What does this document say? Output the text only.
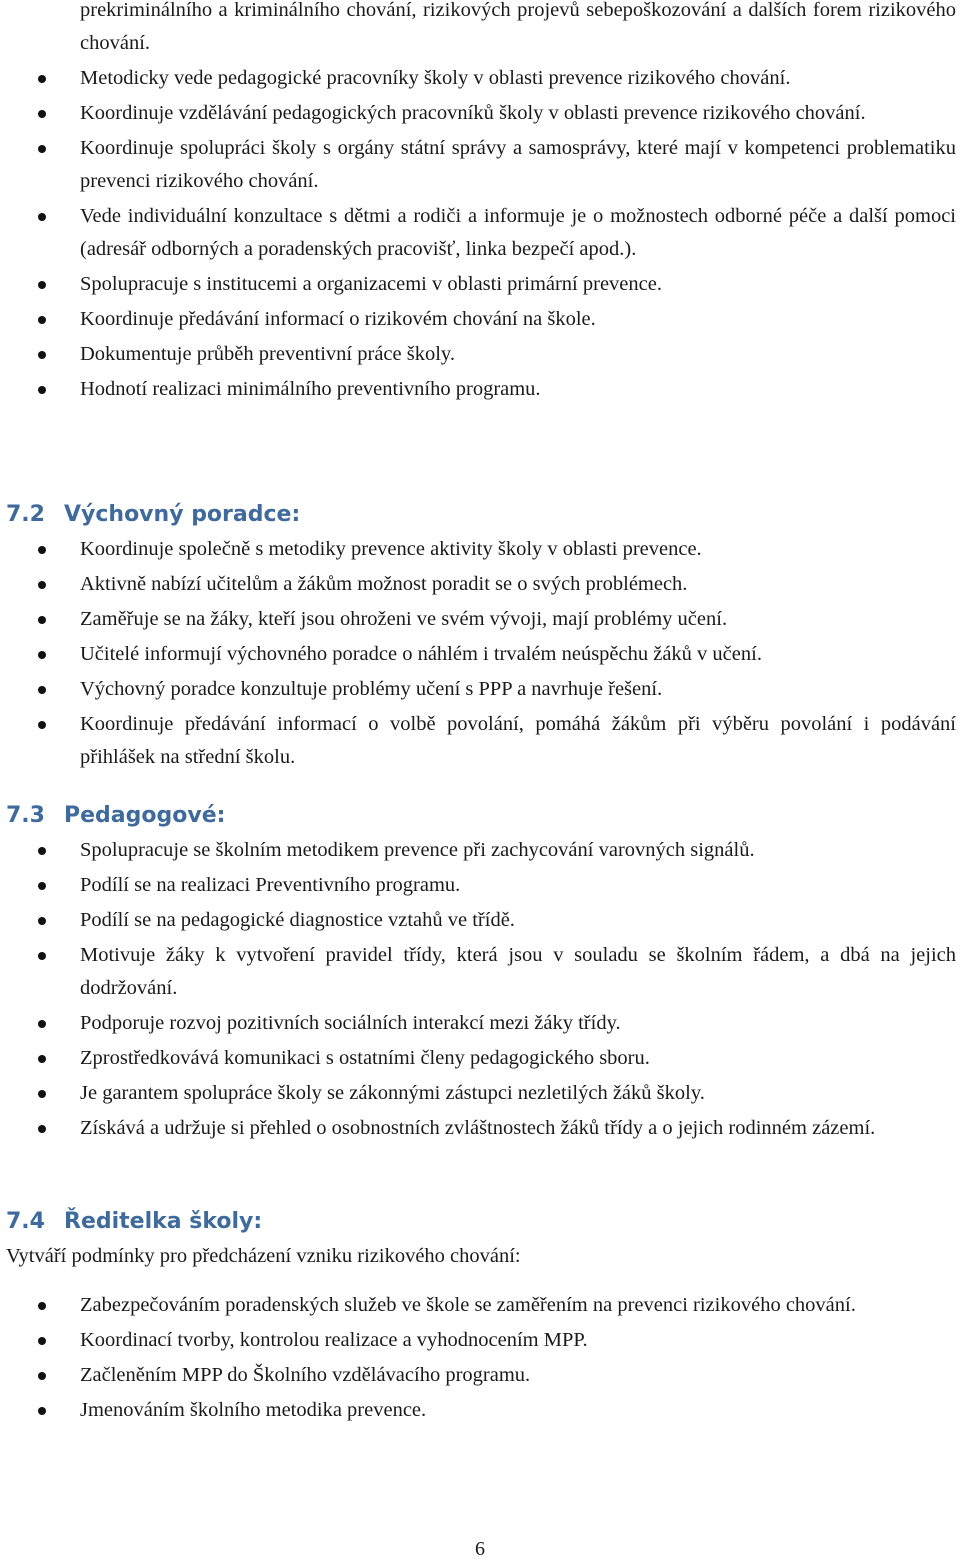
prekriminálního a kriminálního chování, rizikových projevů sebepoškozování a dalších forem rizikového chování.
Metodicky vede pedagogické pracovníky školy v oblasti prevence rizikového chování.
Koordinuje vzdělávání pedagogických pracovníků školy v oblasti prevence rizikového chování.
Koordinuje spolupráci školy s orgány státní správy a samosprávy, které mají v kompetenci problematiku prevenci rizikového chování.
Vede individuální konzultace s dětmi a rodiči a informuje je o možnostech odborné péče a další pomoci (adresář odborných a poradenských pracovišť, linka bezpečí apod.).
Spolupracuje s institucemi a organizacemi v oblasti primární prevence.
Koordinuje předávání informací o rizikovém chování na škole.
Dokumentuje průběh preventivní práce školy.
Hodnotí realizaci minimálního preventivního programu.
7.2 Výchovný poradce:
Koordinuje společně s metodiky prevence aktivity školy v oblasti prevence.
Aktivně nabízí učitelům a žákům možnost poradit se o svých problémech.
Zaměřuje se na žáky, kteří jsou ohroženi ve svém vývoji, mají problémy učení.
Učitelé informují výchovného poradce o náhlém i trvalém neúspěchu žáků v učení.
Výchovný poradce konzultuje problémy učení s PPP a navrhuje řešení.
Koordinuje předávání informací o volbě povolání, pomáhá žákům při výběru povolání i podávání přihlášek na střední školu.
7.3 Pedagogové:
Spolupracuje se školním metodikem prevence při zachycování varovných signálů.
Podílí se na realizaci Preventivního programu.
Podílí se na pedagogické diagnostice vztahů ve třídě.
Motivuje žáky k vytvoření pravidel třídy, která jsou v souladu se školním řádem, a dbá na jejich dodržování.
Podporuje rozvoj pozitivních sociálních interakcí mezi žáky třídy.
Zprostředkovává komunikaci s ostatními členy pedagogického sboru.
Je garantem spolupráce školy se zákonnými zástupci nezletilých žáků školy.
Získává a udržuje si přehled o osobnostních zvláštnostech žáků třídy a o jejich rodinném zázemí.
7.4 Ředitelka školy:

Vytváří podmínky pro předcházení vzniku rizikového chování:

Zabezpečováním poradenských služeb ve škole se zaměřením na prevenci rizikového chování.
Koordinací tvorby, kontrolou realizace a vyhodnocením MPP.
Začleněním MPP do Školního vzdělávacího programu.
Jmenováním školního metodika prevence.
6
